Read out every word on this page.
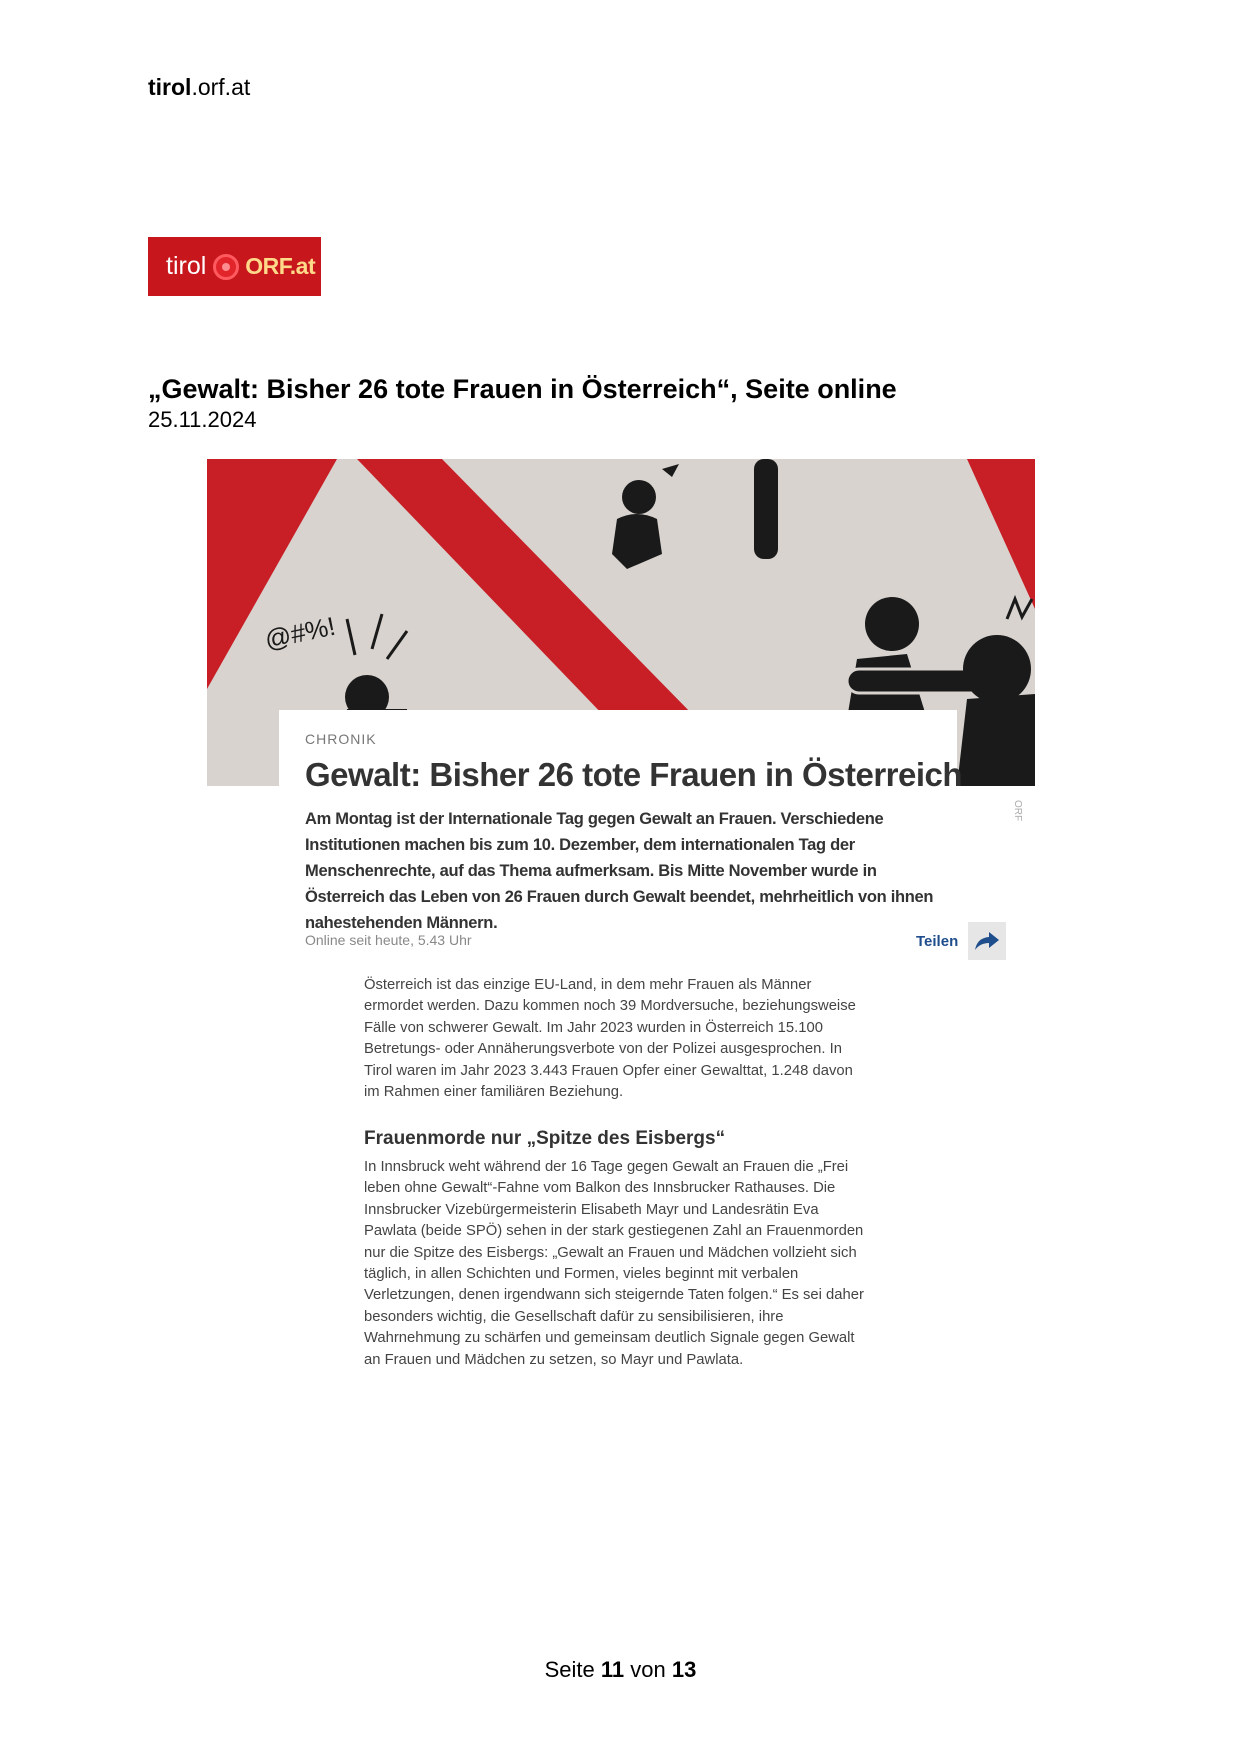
tirol.orf.at
tirol ORF.at
„Gewalt: Bisher 26 tote Frauen in Österreich“, Seite online
25.11.2024
@#%!
CHRONIK
Gewalt: Bisher 26 tote Frauen in Österreich
ORF
Am Montag ist der Internationale Tag gegen Gewalt an Frauen. Verschiedene Institutionen machen bis zum 10. Dezember, dem internationalen Tag der Menschenrechte, auf das Thema aufmerksam. Bis Mitte November wurde in Österreich das Leben von 26 Frauen durch Gewalt beendet, mehrheitlich von ihnen nahestehenden Männern.
Online seit heute, 5.43 Uhr	Teilen
Österreich ist das einzige EU-Land, in dem mehr Frauen als Männer ermordet werden. Dazu kommen noch 39 Mordversuche, beziehungsweise Fälle von schwerer Gewalt. Im Jahr 2023 wurden in Österreich 15.100 Betretungs- oder Annäherungsverbote von der Polizei ausgesprochen. In Tirol waren im Jahr 2023 3.443 Frauen Opfer einer Gewalttat, 1.248 davon im Rahmen einer familiären Beziehung.
Frauenmorde nur „Spitze des Eisbergs“
In Innsbruck weht während der 16 Tage gegen Gewalt an Frauen die „Frei leben ohne Gewalt“-Fahne vom Balkon des Innsbrucker Rathauses. Die Innsbrucker Vizebürgermeisterin Elisabeth Mayr und Landesrätin Eva Pawlata (beide SPÖ) sehen in der stark gestiegenen Zahl an Frauenmorden nur die Spitze des Eisbergs: „Gewalt an Frauen und Mädchen vollzieht sich täglich, in allen Schichten und Formen, vieles beginnt mit verbalen Verletzungen, denen irgendwann sich steigernde Taten folgen.“ Es sei daher besonders wichtig, die Gesellschaft dafür zu sensibilisieren, ihre Wahrnehmung zu schärfen und gemeinsam deutlich Signale gegen Gewalt an Frauen und Mädchen zu setzen, so Mayr und Pawlata.
Seite 11 von 13
